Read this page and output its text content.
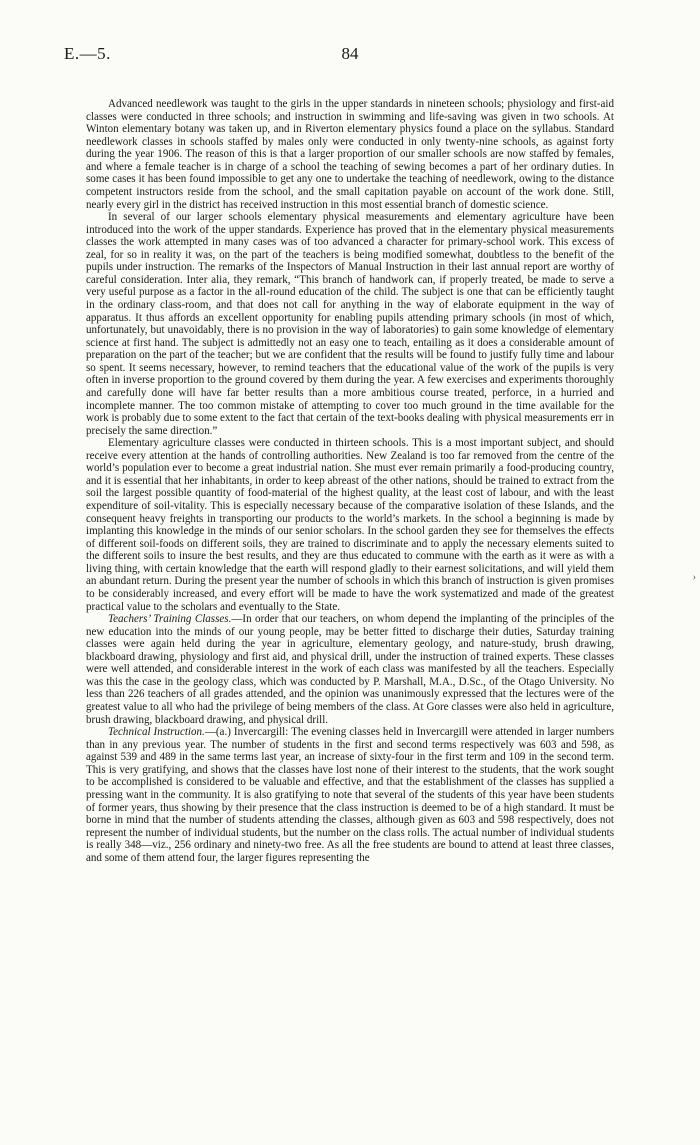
E.—5.	84

Advanced needlework was taught to the girls in the upper standards in nineteen schools; physiology and first-aid classes were conducted in three schools; and instruction in swimming and life-saving was given in two schools. At Winton elementary botany was taken up, and in Riverton elementary physics found a place on the syllabus. Standard needlework classes in schools staffed by males only were conducted in only twenty-nine schools, as against forty during the year 1906. The reason of this is that a larger proportion of our smaller schools are now staffed by females, and where a female teacher is in charge of a school the teaching of sewing becomes a part of her ordinary duties. In some cases it has been found impossible to get any one to undertake the teaching of needlework, owing to the distance competent instructors reside from the school, and the small capitation payable on account of the work done. Still, nearly every girl in the district has received instruction in this most essential branch of domestic science.

In several of our larger schools elementary physical measurements and elementary agriculture have been introduced into the work of the upper standards. Experience has proved that in the elementary physical measurements classes the work attempted in many cases was of too advanced a character for primary-school work. This excess of zeal, for so in reality it was, on the part of the teachers is being modified somewhat, doubtless to the benefit of the pupils under instruction. The remarks of the Inspectors of Manual Instruction in their last annual report are worthy of careful consideration. Inter alia, they remark, “This branch of handwork can, if properly treated, be made to serve a very useful purpose as a factor in the all-round education of the child. The subject is one that can be efficiently taught in the ordinary class-room, and that does not call for anything in the way of elaborate equipment in the way of apparatus. It thus affords an excellent opportunity for enabling pupils attending primary schools (in most of which, unfortunately, but unavoidably, there is no provision in the way of laboratories) to gain some knowledge of elementary science at first hand. The subject is admittedly not an easy one to teach, entailing as it does a considerable amount of preparation on the part of the teacher; but we are confident that the results will be found to justify fully time and labour so spent. It seems necessary, however, to remind teachers that the educational value of the work of the pupils is very often in inverse proportion to the ground covered by them during the year. A few exercises and experiments thoroughly and carefully done will have far better results than a more ambitious course treated, perforce, in a hurried and incomplete manner. The too common mistake of attempting to cover too much ground in the time available for the work is probably due to some extent to the fact that certain of the text-books dealing with physical measurements err in precisely the same direction.”

Elementary agriculture classes were conducted in thirteen schools. This is a most important subject, and should receive every attention at the hands of controlling authorities. New Zealand is too far removed from the centre of the world’s population ever to become a great industrial nation. She must ever remain primarily a food-producing country, and it is essential that her inhabitants, in order to keep abreast of the other nations, should be trained to extract from the soil the largest possible quantity of food-material of the highest quality, at the least cost of labour, and with the least expenditure of soil-vitality. This is especially necessary because of the comparative isolation of these Islands, and the consequent heavy freights in transporting our products to the world’s markets. In the school a beginning is made by implanting this knowledge in the minds of our senior scholars. In the school garden they see for themselves the effects of different soil-foods on different soils, they are trained to discriminate and to apply the necessary elements suited to the different soils to insure the best results, and they are thus educated to commune with the earth as it were as with a living thing, with certain knowledge that the earth will respond gladly to their earnest solicitations, and will yield them an abundant return. During the present year the number of schools in which this branch of instruction is given promises to be considerably increased, and every effort will be made to have the work systematized and made of the greatest practical value to the scholars and eventually to the State.

Teachers’ Training Classes.—In order that our teachers, on whom depend the implanting of the principles of the new education into the minds of our young people, may be better fitted to discharge their duties, Saturday training classes were again held during the year in agriculture, elementary geology, and nature-study, brush drawing, blackboard drawing, physiology and first aid, and physical drill, under the instruction of trained experts. These classes were well attended, and considerable interest in the work of each class was manifested by all the teachers. Especially was this the case in the geology class, which was conducted by P. Marshall, M.A., D.Sc., of the Otago University. No less than 226 teachers of all grades attended, and the opinion was unanimously expressed that the lectures were of the greatest value to all who had the privilege of being members of the class. At Gore classes were also held in agriculture, brush drawing, blackboard drawing, and physical drill.

Technical Instruction.—(a.) Invercargill: The evening classes held in Invercargill were attended in larger numbers than in any previous year. The number of students in the first and second terms respectively was 603 and 598, as against 539 and 489 in the same terms last year, an increase of sixty-four in the first term and 109 in the second term. This is very gratifying, and shows that the classes have lost none of their interest to the students, that the work sought to be accomplished is considered to be valuable and effective, and that the establishment of the classes has supplied a pressing want in the community. It is also gratifying to note that several of the students of this year have been students of former years, thus showing by their presence that the class instruction is deemed to be of a high standard. It must be borne in mind that the number of students attending the classes, although given as 603 and 598 respectively, does not represent the number of individual students, but the number on the class rolls. The actual number of individual students is really 348—viz., 256 ordinary and ninety-two free. As all the free students are bound to attend at least three classes, and some of them attend four, the larger figures representing the

›
